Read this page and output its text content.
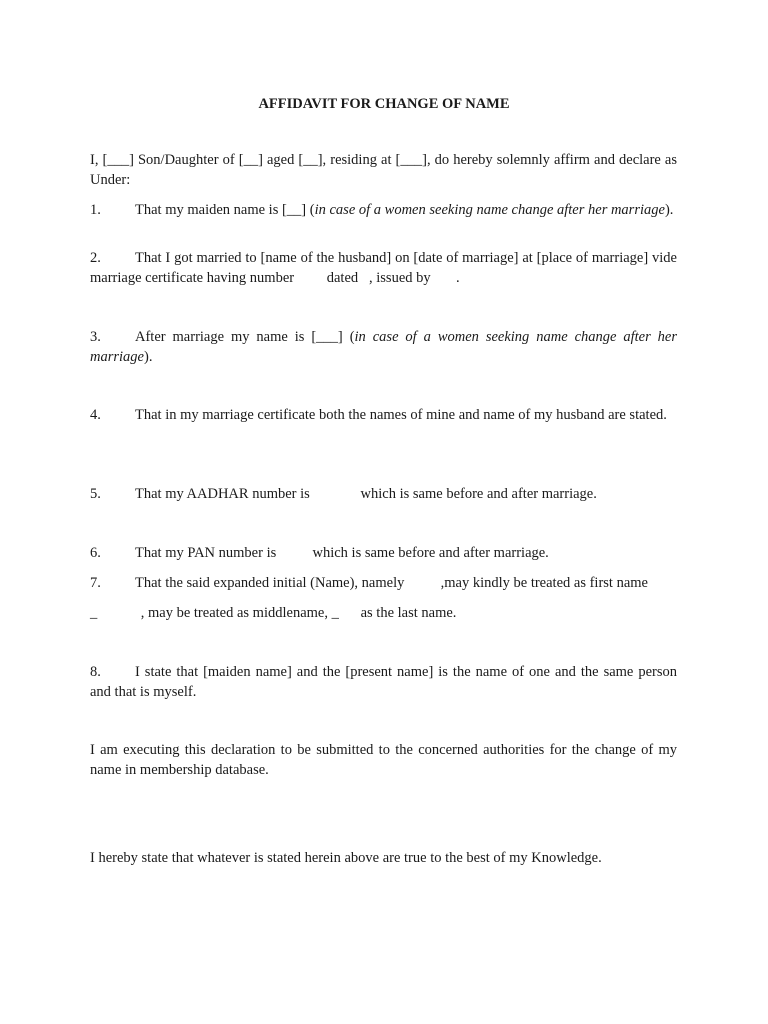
AFFIDAVIT FOR CHANGE OF NAME

I, [___] Son/Daughter of [__] aged [__], residing at [___], do hereby solemnly affirm and declare as Under:

1. That my maiden name is [__] (in case of a women seeking name change after her marriage).

2. That I got married to [name of the husband] on [date of marriage] at [place of marriage] vide marriage certificate having number         dated   , issued by       .

3. After marriage my name is [___] (in case of a women seeking name change after her marriage).

4. That in my marriage certificate both the names of mine and name of my husband are stated.

5. That my AADHAR number is              which is same before and after marriage.

6. That my PAN number is          which is same before and after marriage.

7. That the said expanded initial (Name), namely          ,may kindly be treated as first name

_            , may be treated as middlename, _      as the last name.

8. I state that [maiden name] and the [present name] is the name of one and the same person and that is myself.

I am executing this declaration to be submitted to the concerned authorities for the change of my name in membership database.

I hereby state that whatever is stated herein above are true to the best of my Knowledge.
